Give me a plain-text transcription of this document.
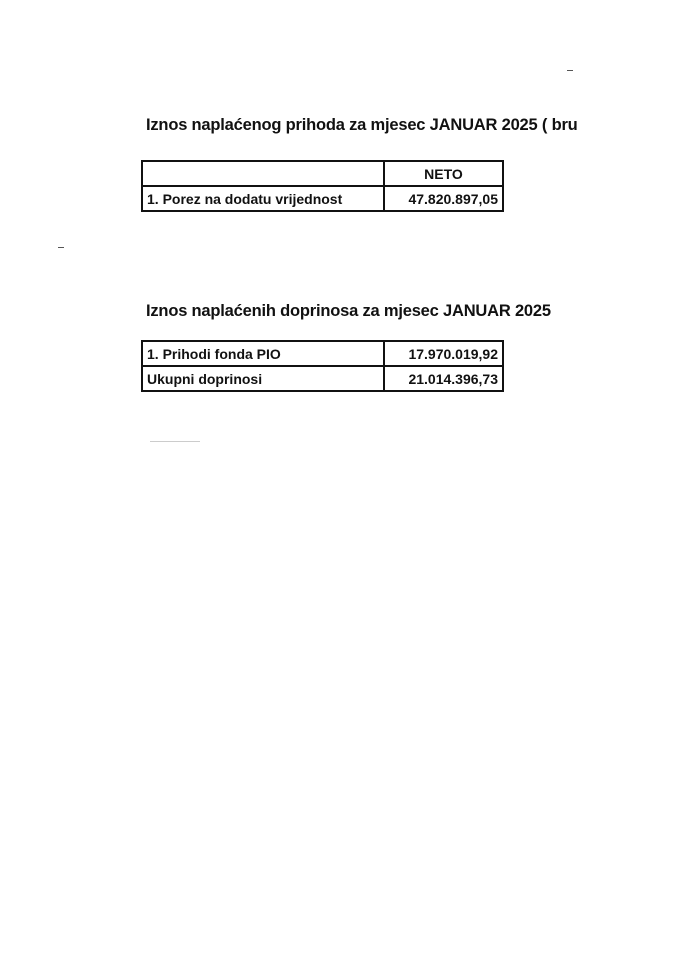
Iznos naplaćenog prihoda za mjesec JANUAR 2025 ( bru
	NETO
1. Porez na dodatu vrijednost	47.820.897,05
Iznos naplaćenih doprinosa za mjesec JANUAR 2025
1. Prihodi fonda PIO	17.970.019,92
Ukupni doprinosi	21.014.396,73
